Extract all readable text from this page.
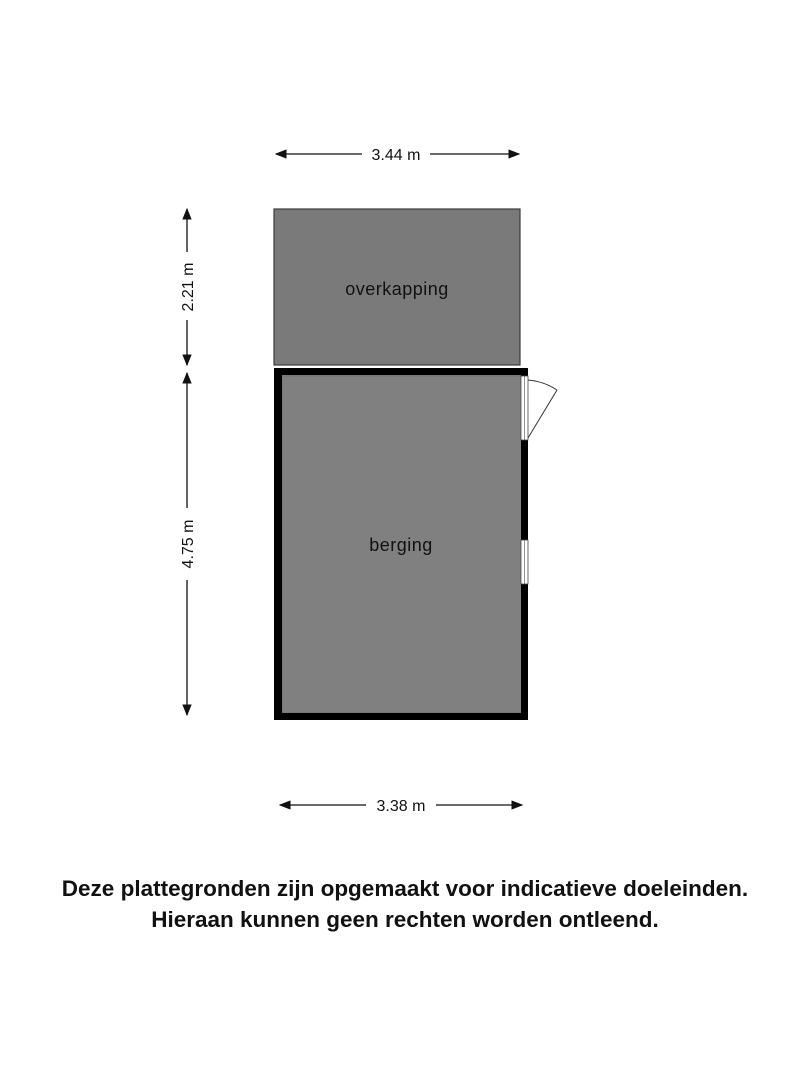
3.44 m
overkapping
berging
2.21 m
4.75 m
3.38 m
Deze plattegronden zijn opgemaakt voor indicatieve doeleinden.
Hieraan kunnen geen rechten worden ontleend.
